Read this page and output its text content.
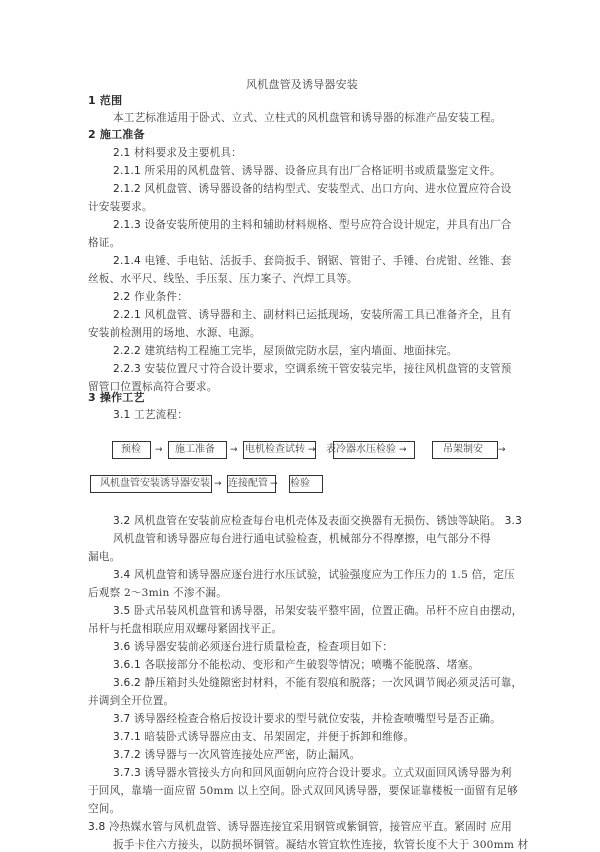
风机盘管及诱导器安装
1 范围
本工艺标准适用于卧式、立式、立柱式的风机盘管和诱导器的标准产品安装工程。
2 施工准备
2.1 材料要求及主要机具：
2.1.1 所采用的风机盘管、诱导器、设备应具有出厂合格证明书或质量鉴定文件。
2.1.2 风机盘管、诱导器设备的结构型式、安装型式、出口方向、进水位置应符合设
计安装要求。
2.1.3 设备安装所使用的主料和辅助材料规格、型号应符合设计规定，并具有出厂合
格证。
2.1.4 电锤、手电钻、活扳手、套筒扳手、钢锯、管钳子、手锤、台虎钳、丝锥、套
丝板、水平尺、线坠、手压泵、压力案子、汽焊工具等。
2.2 作业条件：
2.2.1 风机盘管、诱导器和主、副材料已运抵现场，安装所需工具已准备齐全，且有
安装前检测用的场地、水源、电源。
2.2.2 建筑结构工程施工完毕，屋顶做完防水层，室内墙面、地面抹完。
2.2.3 安装位置尺寸符合设计要求，空调系统干管安装完毕，接往风机盘管的支管预
留管口位置标高符合要求。
3 操作工艺
3.1 工艺流程：
预检	→	施工准备	→ 电机检查试转 → 表冷器水压检验 →	吊架制安	→
风机盘管安装诱导器安装 → 连接配管 → 检验
3.2 风机盘管在安装前应检查每台电机壳体及表面交换器有无损伤、锈蚀等缺陷。 3.3
风机盘管和诱导器应每台进行通电试验检查，机械部分不得摩擦，电气部分不得
漏电。
3.4 风机盘管和诱导器应逐台进行水压试验，试验强度应为工作压力的 1.5 倍，定压
后观察 2～3min 不渗不漏。
3.5 卧式吊装风机盘管和诱导器，吊架安装平整牢固，位置正确。吊杆不应自由摆动，
吊杆与托盘相联应用双螺母紧固找平正。
3.6 诱导器安装前必须逐台进行质量检查，检查项目如下：
3.6.1 各联接部分不能松动、变形和产生破裂等情况；喷嘴不能脱落、堵塞。
3.6.2 静压箱封头处缝隙密封材料，不能有裂痕和脱落；一次风调节阀必须灵活可靠，
并调到全开位置。
3.7 诱导器经检查合格后按设计要求的型号就位安装，并检查喷嘴型号是否正确。
3.7.1 暗装卧式诱导器应由支、吊架固定，并便于拆卸和维修。
3.7.2 诱导器与一次风管连接处应严密，防止漏风。
3.7.3 诱导器水管接头方向和回风面朝向应符合设计要求。立式双面回风诱导器为利
于回风，靠墙一面应留 50mm 以上空间。卧式双回风诱导器，要保证靠楼板一面留有足够
空间。
3.8 冷热媒水管与风机盘管、诱导器连接宜采用钢管或紫铜管，接管应平直。紧固时 应用
扳手卡住六方接头，以防损坏铜管。凝结水管宜软性连接，软管长度不大于 300mm 材
